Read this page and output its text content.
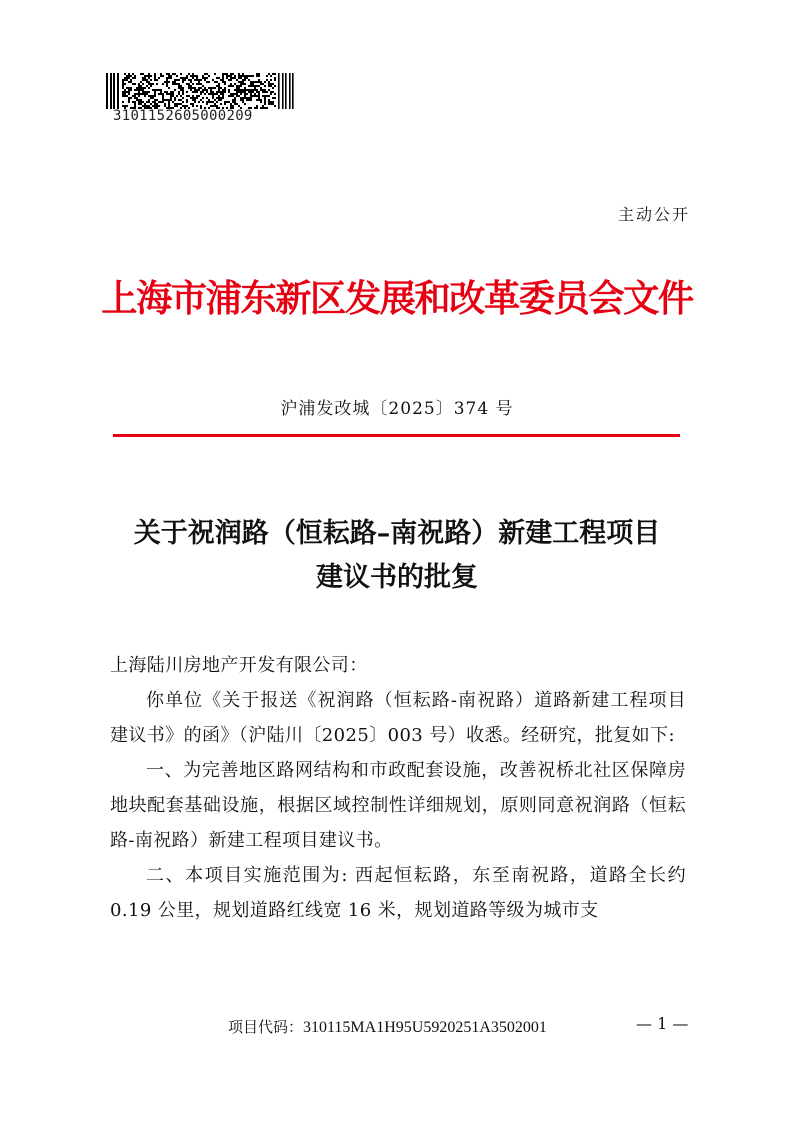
3101152605000209
主动公开
上海市浦东新区发展和改革委员会文件
沪浦发改城〔2025〕374 号
关于祝润路（恒耘路–南祝路）新建工程项目
建议书的批复

上海陆川房地产开发有限公司：

你单位《关于报送《祝润路（恒耘路-南祝路）道路新建工程项目建议书》的函》（沪陆川〔2025〕003 号）收悉。经研究，批复如下:

一、为完善地区路网结构和市政配套设施，改善祝桥北社区保障房地块配套基础设施，根据区域控制性详细规划，原则同意祝润路（恒耘路-南祝路）新建工程项目建议书。

二、本项目实施范围为: 西起恒耘路，东至南祝路，道路全长约 0.19 公里，规划道路红线宽 16 米，规划道路等级为城市支

项目代码：310115MA1H95U5920251A3502001	— 1 —
